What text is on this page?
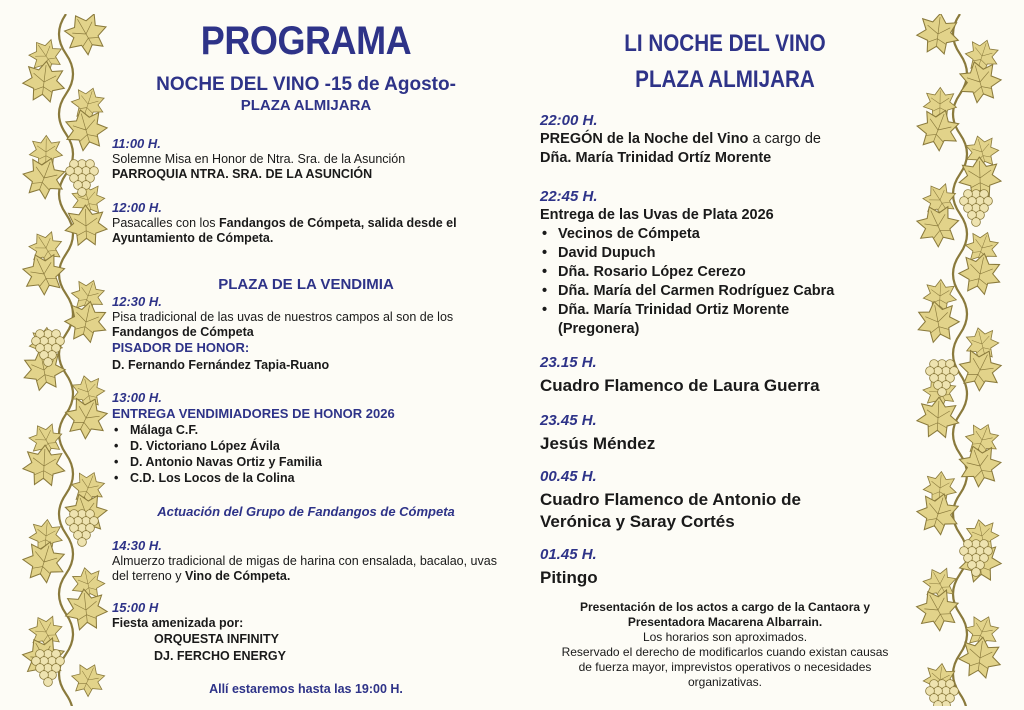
PROGRAMA
NOCHE DEL VINO -15 de Agosto-
PLAZA ALMIJARA
11:00 H.
Solemne Misa en Honor de Ntra. Sra. de la Asunción
PARROQUIA NTRA. SRA. DE LA ASUNCIÓN
12:00 H.
Pasacalles con los Fandangos de Cómpeta, salida desde el Ayuntamiento de Cómpeta.
PLAZA DE LA VENDIMIA
12:30 H.
Pisa tradicional de las uvas de nuestros campos al son de los Fandangos de Cómpeta
PISADOR DE HONOR:
D. Fernando Fernández Tapia-Ruano
13:00 H.
ENTREGA VENDIMIADORES DE HONOR 2026
• Málaga C.F.
• D. Victoriano López Ávila
• D. Antonio Navas Ortiz y Familia
• C.D. Los Locos de la Colina
Actuación del Grupo de Fandangos de Cómpeta
14:30 H.
Almuerzo tradicional de migas de harina con ensalada, bacalao, uvas del terreno y Vino de Cómpeta.
15:00 H
Fiesta amenizada por:
ORQUESTA INFINITY
DJ. FERCHO ENERGY
Allí estaremos hasta las 19:00 H.
LI NOCHE DEL VINO
PLAZA ALMIJARA
22:00 H.
PREGÓN de la Noche del Vino a cargo de
Dña. María Trinidad Ortíz Morente
22:45 H.
Entrega de las Uvas de Plata 2026
• Vecinos de Cómpeta
• David Dupuch
• Dña. Rosario López Cerezo
• Dña. María del Carmen Rodríguez Cabra
• Dña. María Trinidad Ortiz Morente
(Pregonera)
23.15 H.
Cuadro Flamenco de Laura Guerra
23.45 H.
Jesús Méndez
00.45 H.
Cuadro Flamenco de Antonio de
Verónica y Saray Cortés
01.45 H.
Pitingo
Presentación de los actos a cargo de la Cantaora y
Presentadora Macarena Albarrain.
Los horarios son aproximados.
Reservado el derecho de modificarlos cuando existan causas de fuerza mayor, imprevistos operativos o necesidades organizativas.
